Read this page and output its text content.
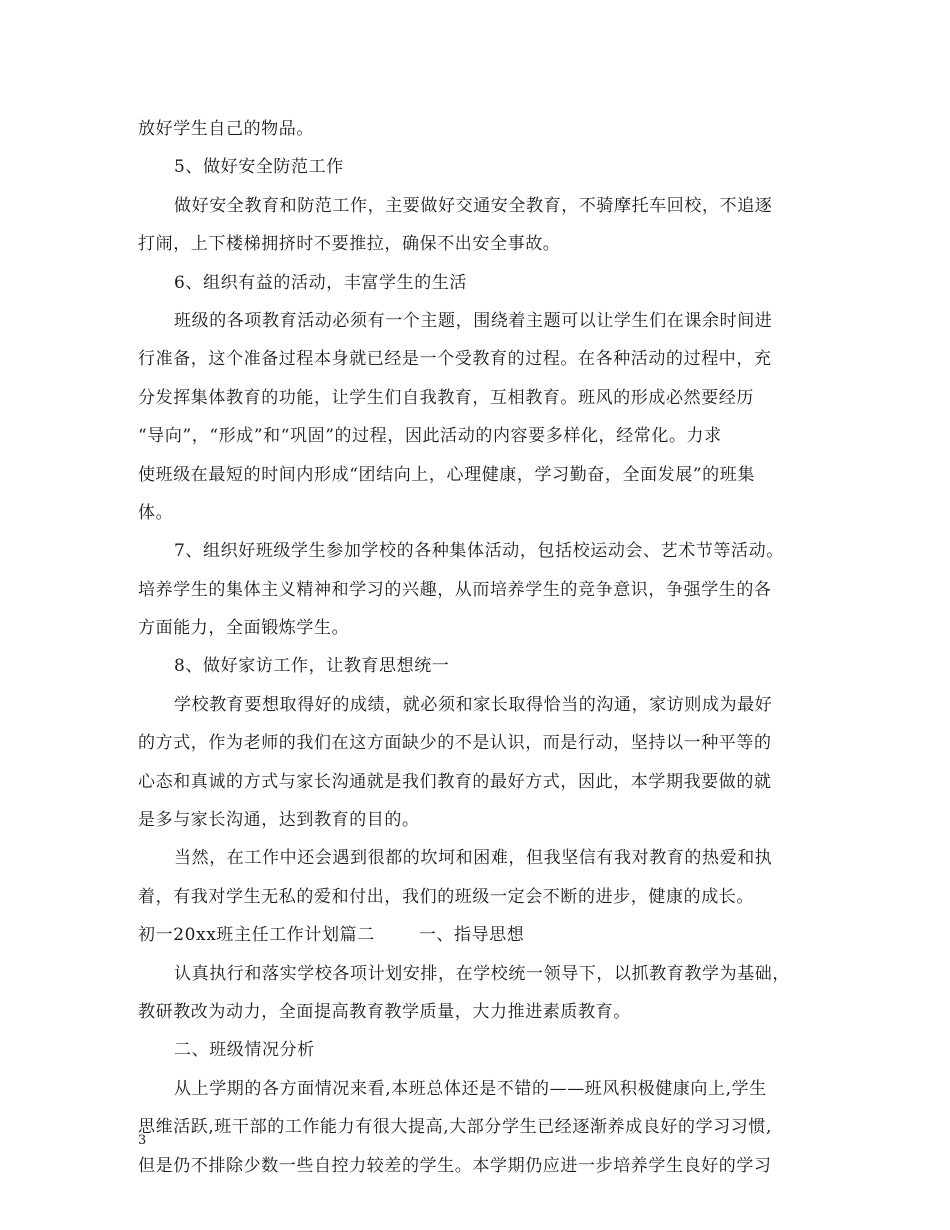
放好学生自己的物品。
5、做好安全防范工作
做好安全教育和防范工作，主要做好交通安全教育，不骑摩托车回校，不追逐
打闹，上下楼梯拥挤时不要推拉，确保不出安全事故。
6、组织有益的活动，丰富学生的生活
班级的各项教育活动必须有一个主题，围绕着主题可以让学生们在课余时间进
行准备，这个准备过程本身就已经是一个受教育的过程。在各种活动的过程中，充
分发挥集体教育的功能，让学生们自我教育，互相教育。班风的形成必然要经历
“导向”，“形成”和“巩固”的过程，因此活动的内容要多样化，经常化。力求
使班级在最短的时间内形成“团结向上，心理健康，学习勤奋，全面发展”的班集
体。
7、组织好班级学生参加学校的各种集体活动，包括校运动会、艺术节等活动。
培养学生的集体主义精神和学习的兴趣，从而培养学生的竞争意识，争强学生的各
方面能力，全面锻炼学生。
8、做好家访工作，让教育思想统一
学校教育要想取得好的成绩，就必须和家长取得恰当的沟通，家访则成为最好
的方式，作为老师的我们在这方面缺少的不是认识，而是行动，坚持以一种平等的
心态和真诚的方式与家长沟通就是我们教育的最好方式，因此，本学期我要做的就
是多与家长沟通，达到教育的目的。
当然，在工作中还会遇到很都的坎坷和困难，但我坚信有我对教育的热爱和执
着，有我对学生无私的爱和付出，我们的班级一定会不断的进步，健康的成长。
初一20xx班主任工作计划篇二	一、指导思想
认真执行和落实学校各项计划安排，在学校统一领导下，以抓教育教学为基础，
教研教改为动力，全面提高教育教学质量，大力推进素质教育。
二、班级情况分析
从上学期的各方面情况来看,本班总体还是不错的——班风积极健康向上,学生
思维活跃,班干部的工作能力有很大提高,大部分学生已经逐渐养成良好的学习习惯,
但是仍不排除少数一些自控力较差的学生。本学期仍应进一步培养学生良好的学习
3
